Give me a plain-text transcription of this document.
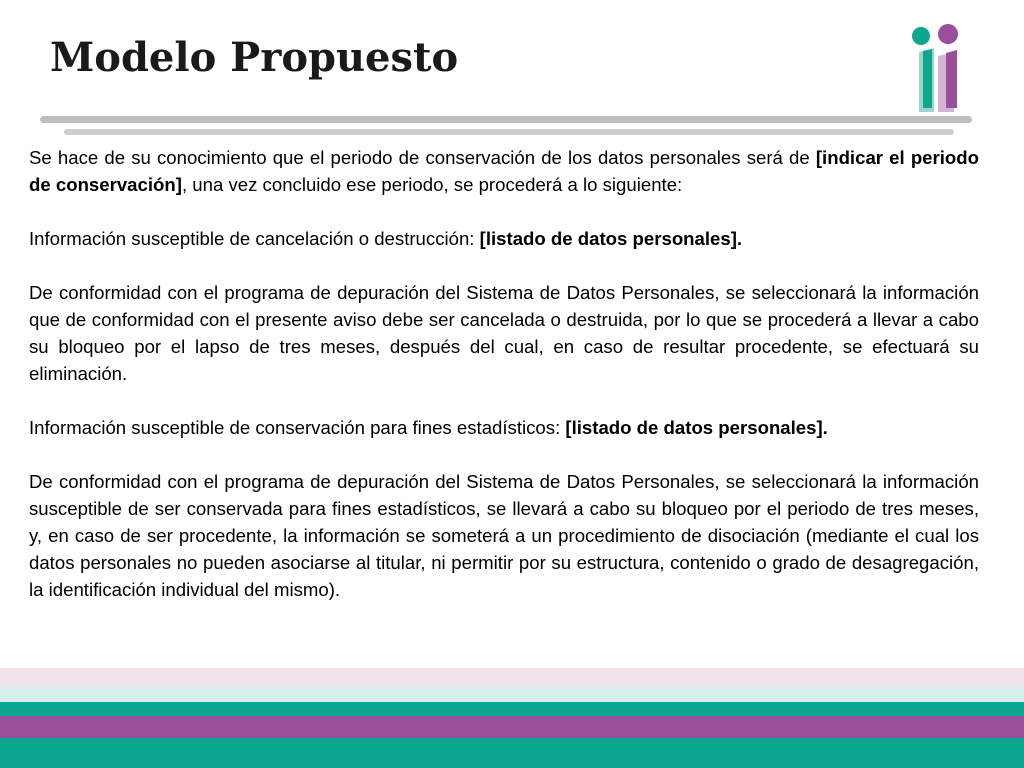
Modelo Propuesto

Se hace de su conocimiento que el periodo de conservación de los datos personales será de [indicar el periodo de conservación], una vez concluido ese periodo, se procederá a lo siguiente:

Información susceptible de cancelación o destrucción: [listado de datos personales].

De conformidad con el programa de depuración del Sistema de Datos Personales, se seleccionará la información que de conformidad con el presente aviso debe ser cancelada o destruida, por lo que se procederá a llevar a cabo su bloqueo por el lapso de tres meses, después del cual, en caso de resultar procedente, se efectuará su eliminación.

Información susceptible de conservación para fines estadísticos: [listado de datos personales].

De conformidad con el programa de depuración del Sistema de Datos Personales, se seleccionará la información susceptible de ser conservada para fines estadísticos, se llevará a cabo su bloqueo por el periodo de tres meses, y, en caso de ser procedente, la información se someterá a un procedimiento de disociación (mediante el cual los datos personales no pueden asociarse al titular, ni permitir por su estructura, contenido o grado de desagregación, la identificación individual del mismo).
